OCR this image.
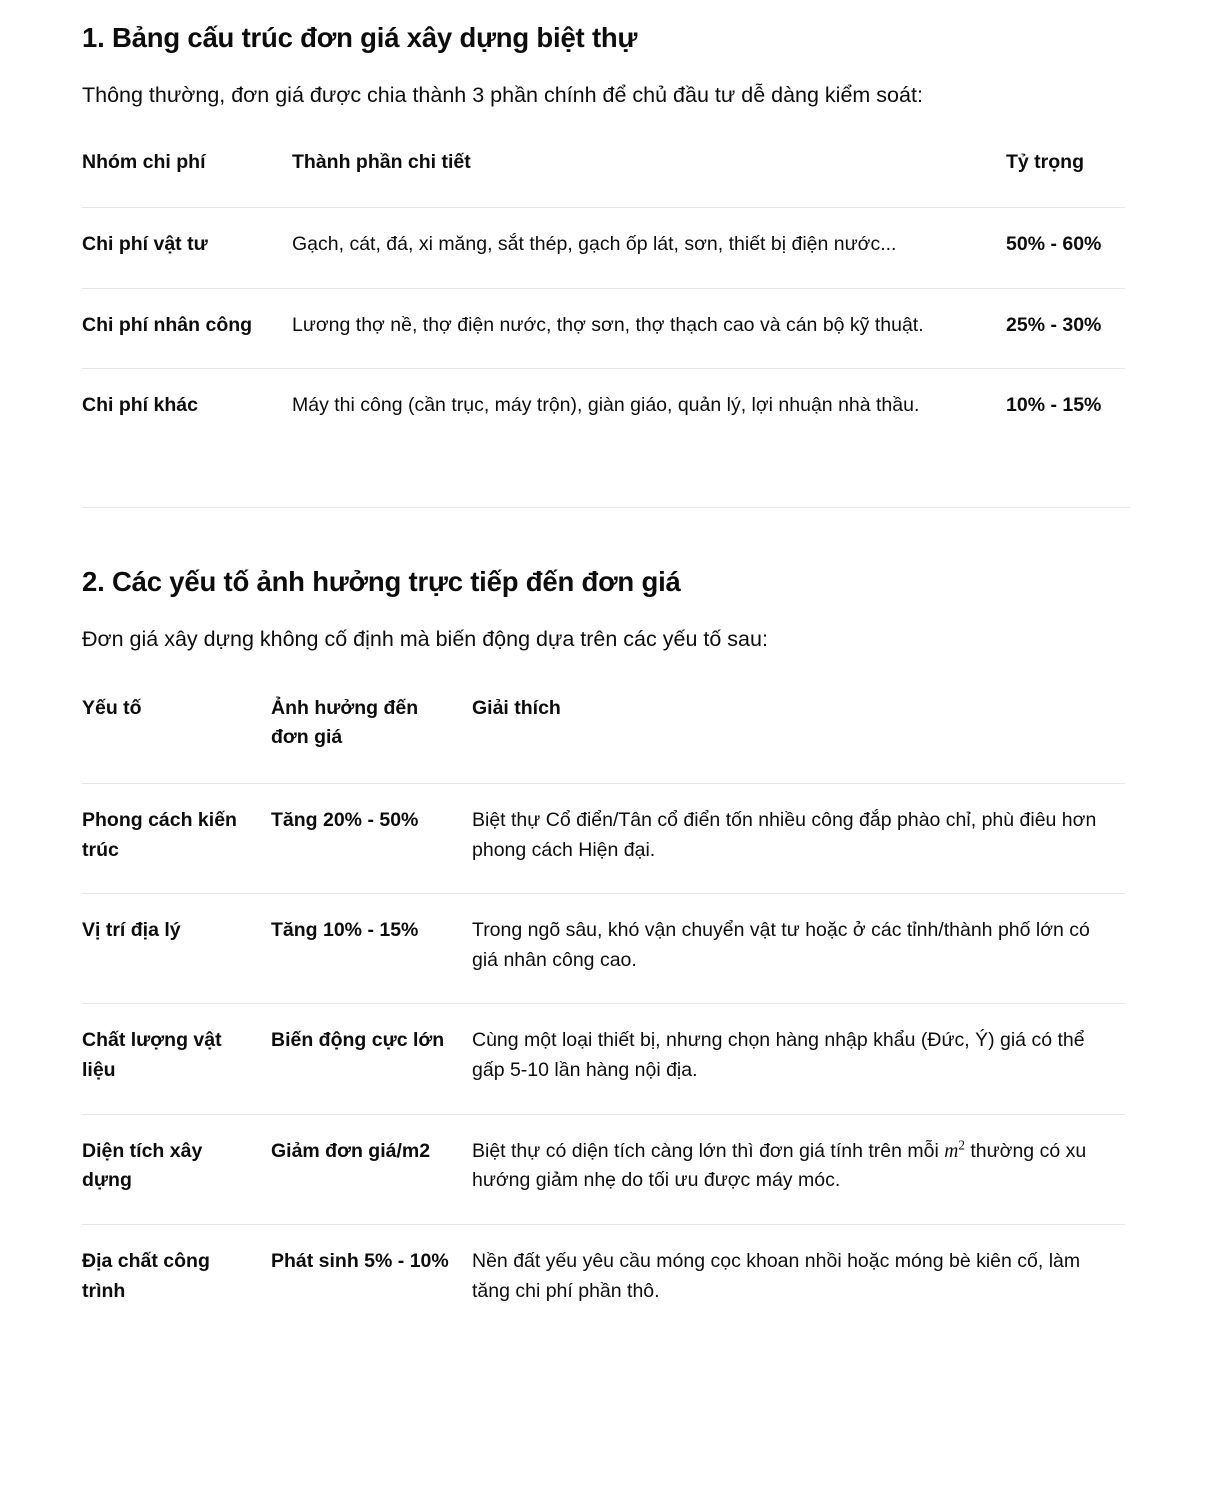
1. Bảng cấu trúc đơn giá xây dựng biệt thự

Thông thường, đơn giá được chia thành 3 phần chính để chủ đầu tư dễ dàng kiểm soát:

Nhóm chi phí	Thành phần chi tiết	Tỷ trọng
Chi phí vật tư	Gạch, cát, đá, xi măng, sắt thép, gạch ốp lát, sơn, thiết bị điện nước...	50% - 60%
Chi phí nhân công	Lương thợ nề, thợ điện nước, thợ sơn, thợ thạch cao và cán bộ kỹ thuật.	25% - 30%
Chi phí khác	Máy thi công (cần trục, máy trộn), giàn giáo, quản lý, lợi nhuận nhà thầu.	10% - 15%
2. Các yếu tố ảnh hưởng trực tiếp đến đơn giá

Đơn giá xây dựng không cố định mà biến động dựa trên các yếu tố sau:

Yếu tố	Ảnh hưởng đến đơn giá	Giải thích
Phong cách kiến trúc	Tăng 20% - 50%	Biệt thự Cổ điển/Tân cổ điển tốn nhiều công đắp phào chỉ, phù điêu hơn phong cách Hiện đại.
Vị trí địa lý	Tăng 10% - 15%	Trong ngõ sâu, khó vận chuyển vật tư hoặc ở các tỉnh/thành phố lớn có giá nhân công cao.
Chất lượng vật liệu	Biến động cực lớn	Cùng một loại thiết bị, nhưng chọn hàng nhập khẩu (Đức, Ý) giá có thể gấp 5-10 lần hàng nội địa.
Diện tích xây dựng	Giảm đơn giá/m2	Biệt thự có diện tích càng lớn thì đơn giá tính trên mỗi $m^2$ thường có xu hướng giảm nhẹ do tối ưu được máy móc.
Địa chất công trình	Phát sinh 5% - 10%	Nền đất yếu yêu cầu móng cọc khoan nhồi hoặc móng bè kiên cố, làm tăng chi phí phần thô.
